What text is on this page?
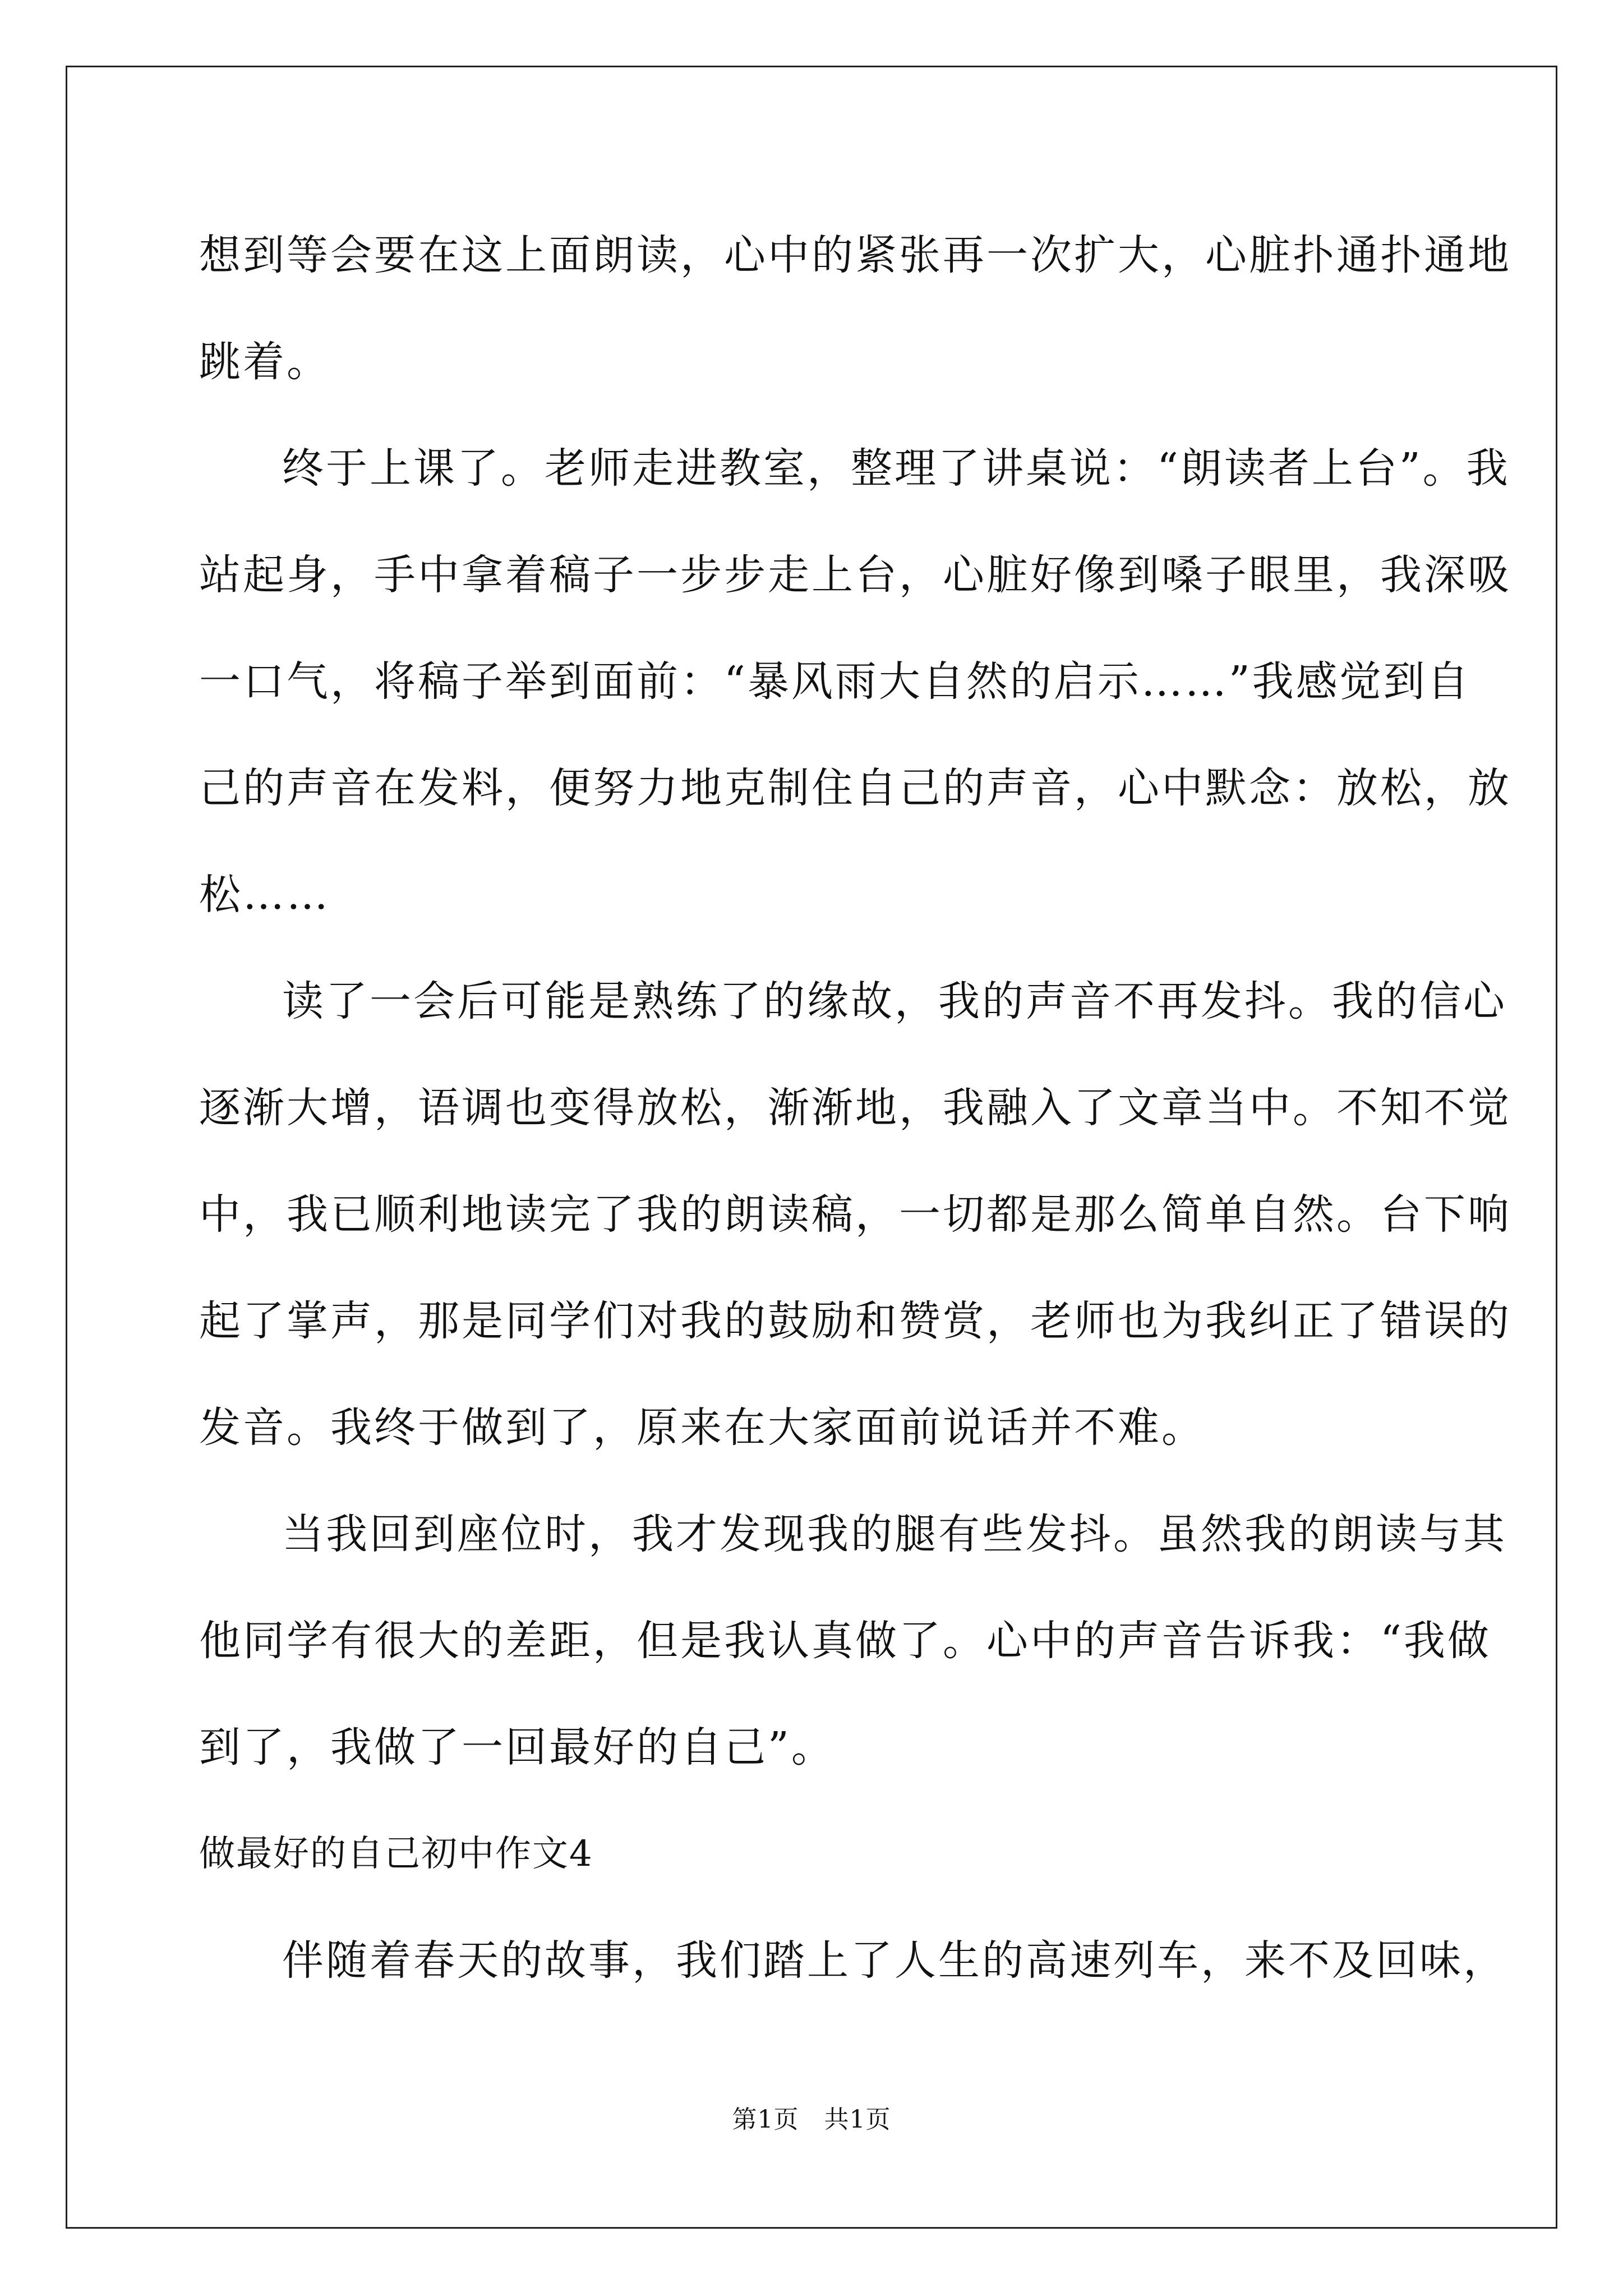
想到等会要在这上面朗读，心中的紧张再一次扩大，心脏扑通扑通地
跳着。
终于上课了。老师走进教室，整理了讲桌说：“朗读者上台”。我
站起身，手中拿着稿子一步步走上台，心脏好像到嗓子眼里，我深吸
一口气，将稿子举到面前：“暴风雨大自然的启示……”我感觉到自
己的声音在发料，便努力地克制住自己的声音，心中默念：放松，放
松……
读了一会后可能是熟练了的缘故，我的声音不再发抖。我的信心
逐渐大增，语调也变得放松，渐渐地，我融入了文章当中。不知不觉
中，我已顺利地读完了我的朗读稿，一切都是那么简单自然。台下响
起了掌声，那是同学们对我的鼓励和赞赏，老师也为我纠正了错误的
发音。我终于做到了，原来在大家面前说话并不难。
当我回到座位时，我才发现我的腿有些发抖。虽然我的朗读与其
他同学有很大的差距，但是我认真做了。心中的声音告诉我：“我做
到了，我做了一回最好的自己”。
做最好的自己初中作文4
伴随着春天的故事，我们踏上了人生的高速列车，来不及回味，
第1页　共1页
